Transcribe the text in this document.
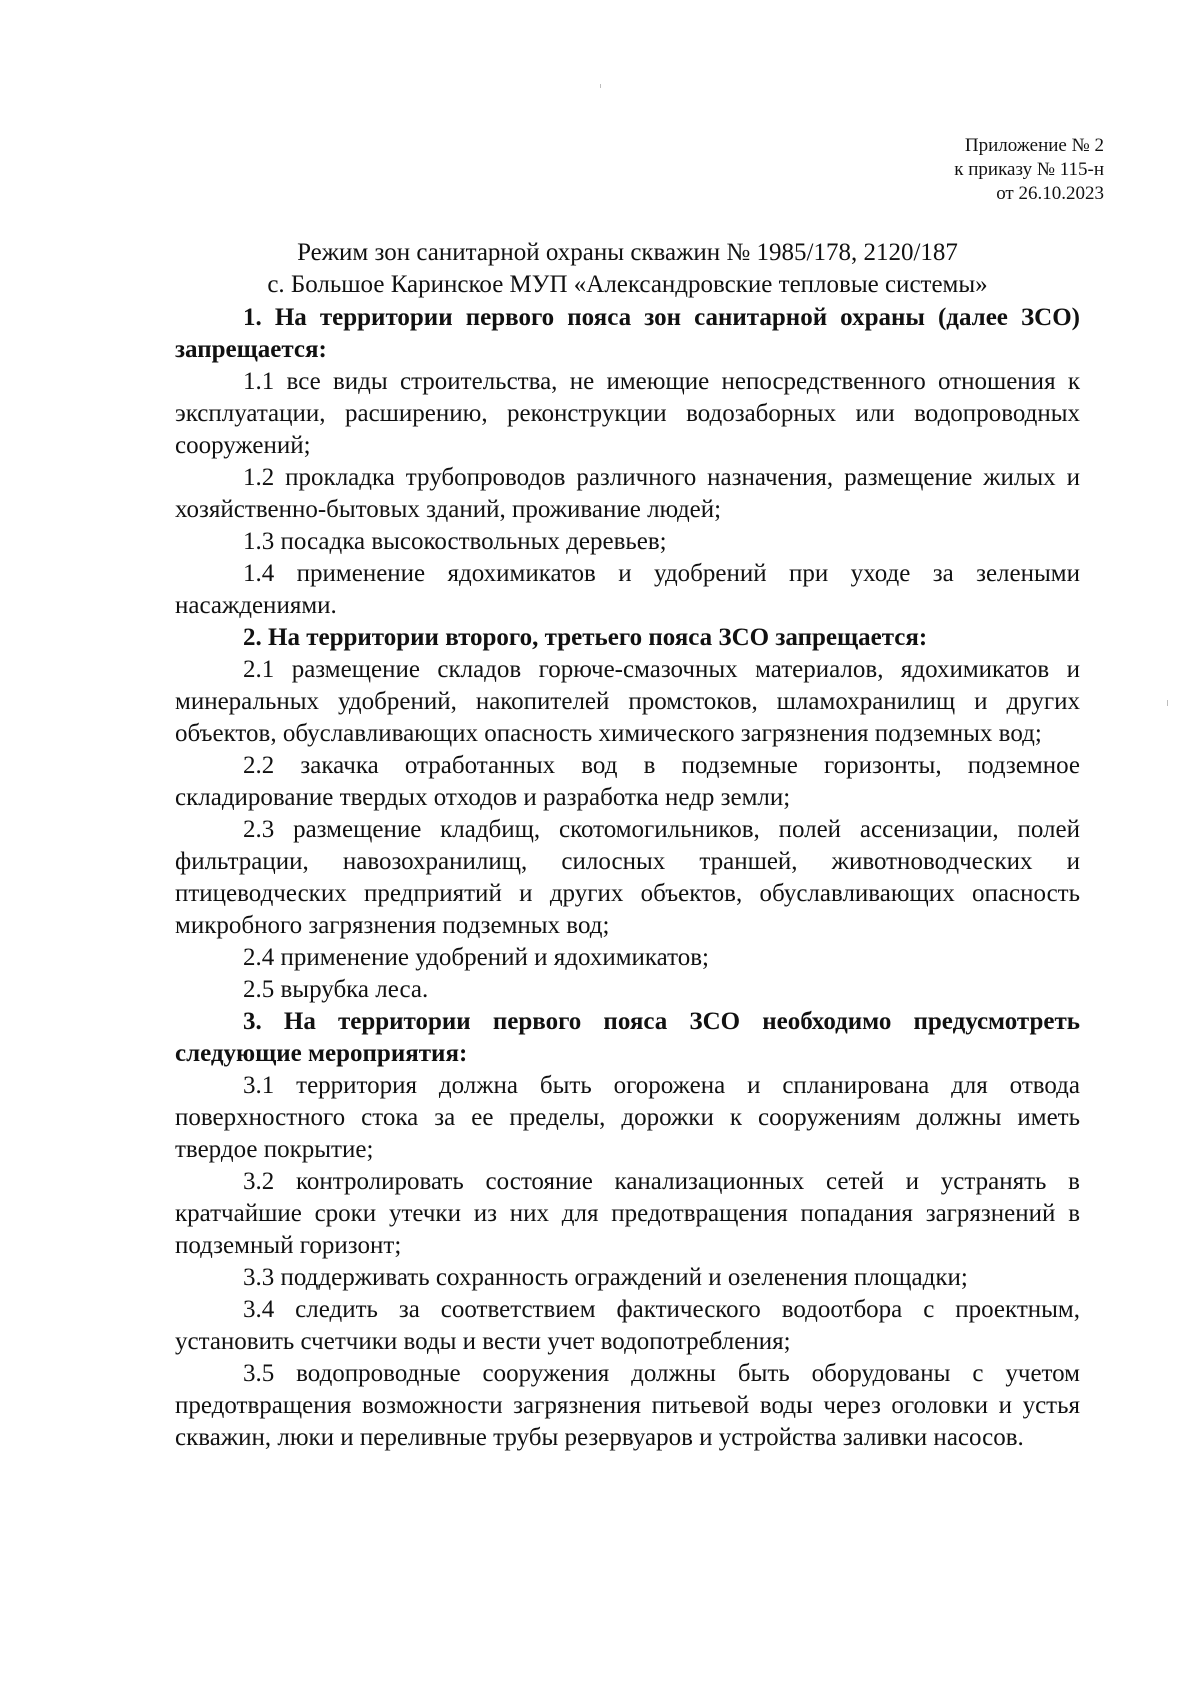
Приложение № 2
к приказу № 115-н
от 26.10.2023
Режим зон санитарной охраны скважин № 1985/178, 2120/187
с. Большое Каринское МУП «Александровские тепловые системы»

1. На территории первого пояса зон санитарной охраны (далее ЗСО) запрещается:

1.1 все виды строительства, не имеющие непосредственного отношения к эксплуатации, расширению, реконструкции водозаборных или водопроводных сооружений;

1.2 прокладка трубопроводов различного назначения, размещение жилых и хозяйственно-бытовых зданий, проживание людей;

1.3 посадка высокоствольных деревьев;

1.4 применение ядохимикатов и удобрений при уходе за зелеными насаждениями.

2. На территории второго, третьего пояса ЗСО запрещается:

2.1 размещение складов горюче-смазочных материалов, ядохимикатов и минеральных удобрений, накопителей промстоков, шламохранилищ и других объектов, обуславливающих опасность химического загрязнения подземных вод;

2.2 закачка отработанных вод в подземные горизонты, подземное складирование твердых отходов и разработка недр земли;

2.3 размещение кладбищ, скотомогильников, полей ассенизации, полей фильтрации, навозохранилищ, силосных траншей, животноводческих и птицеводческих предприятий и других объектов, обуславливающих опасность микробного загрязнения подземных вод;

2.4 применение удобрений и ядохимикатов;

2.5 вырубка леса.

3. На территории первого пояса ЗСО необходимо предусмотреть следующие мероприятия:

3.1 территория должна быть огорожена и спланирована для отвода поверхностного стока за ее пределы, дорожки к сооружениям должны иметь твердое покрытие;

3.2 контролировать состояние канализационных сетей и устранять в кратчайшие сроки утечки из них для предотвращения попадания загрязнений в подземный горизонт;

3.3 поддерживать сохранность ограждений и озеленения площадки;

3.4 следить за соответствием фактического водоотбора с проектным, установить счетчики воды и вести учет водопотребления;

3.5 водопроводные сооружения должны быть оборудованы с учетом предотвращения возможности загрязнения питьевой воды через оголовки и устья скважин, люки и переливные трубы резервуаров и устройства заливки насосов.
